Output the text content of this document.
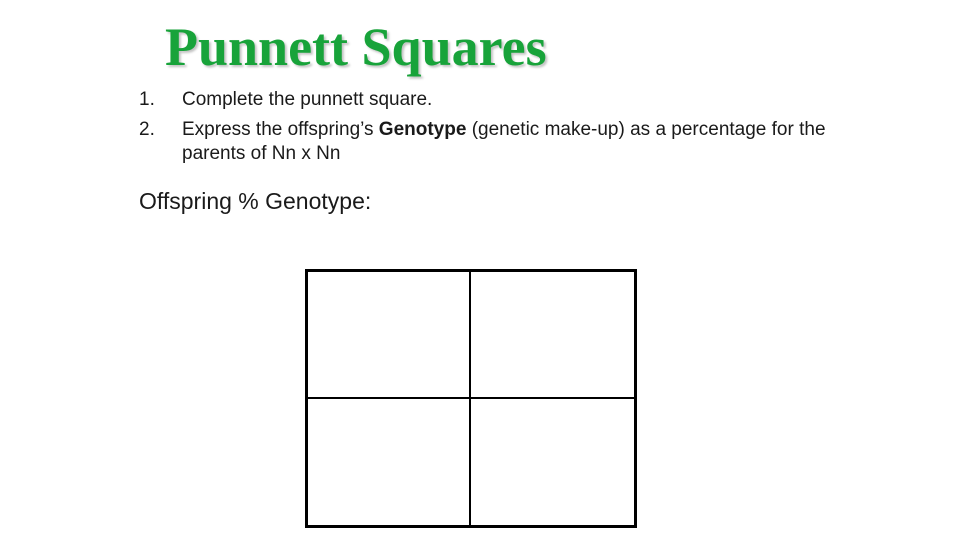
Punnett Squares
1. Complete the punnett square.
2. Express the offspring’s Genotype (genetic make-up) as a percentage for the parents of Nn x Nn
Offspring % Genotype:
